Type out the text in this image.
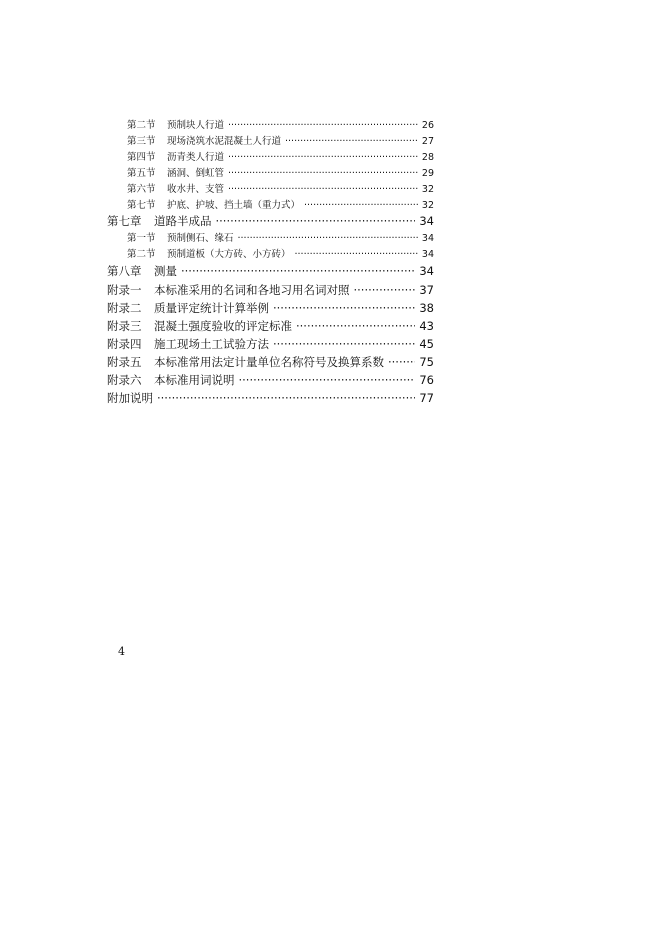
第二节	预制块人行道 ·····	26
第三节	现场浇筑水泥混凝土人行道 ·····	27
第四节	沥青类人行道 ·····	28
第五节	涵洞、倒虹管 ·····	29
第六节	收水井、支管 ·····	32
第七节	护底、护坡、挡土墙（重力式） ·····	32
第七章	道路半成品 ·····	34
第一节	预制侧石、缘石 ·····	34
第二节	预制道板（大方砖、小方砖） ·····	34
第八章	测量 ·····	34
附录一	本标准采用的名词和各地习用名词对照 ·····	37
附录二	质量评定统计计算举例 ·····	38
附录三	混凝土强度验收的评定标准 ·····	43
附录四	施工现场土工试验方法 ·····	45
附录五	本标准常用法定计量单位名称符号及换算系数 ·····	75
附录六	本标准用词说明 ·····	76
附加说明 ·····	77
4
